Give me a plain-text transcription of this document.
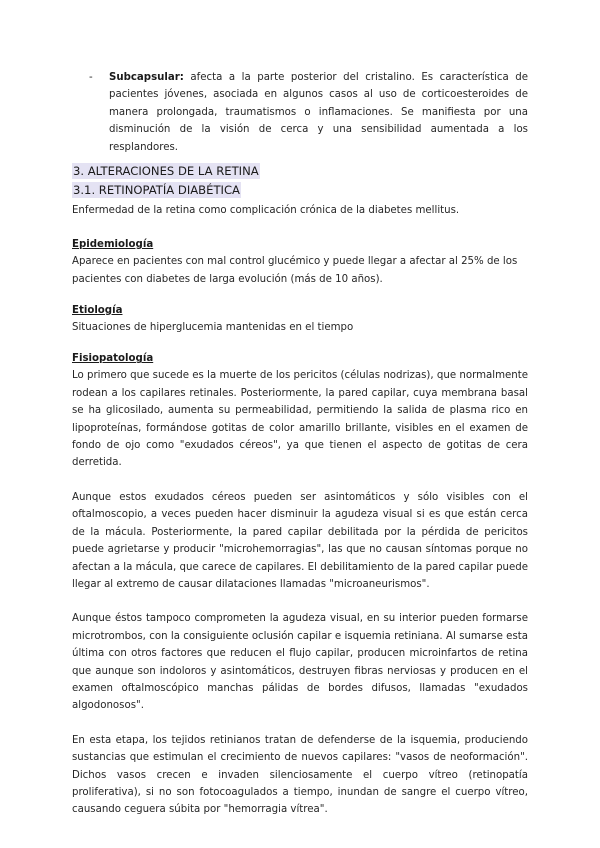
- Subcapsular: afecta a la parte posterior del cristalino. Es característica de pacientes jóvenes, asociada en algunos casos al uso de corticoesteroides de manera prolongada, traumatismos o inflamaciones. Se manifiesta por una disminución de la visión de cerca y una sensibilidad aumentada a los resplandores.
3. ALTERACIONES DE LA RETINA
3.1. RETINOPATÍA DIABÉTICA

Enfermedad de la retina como complicación crónica de la diabetes mellitus.

Epidemiología

Aparece en pacientes con mal control glucémico y puede llegar a afectar al 25% de los pacientes con diabetes de larga evolución (más de 10 años).

Etiología

Situaciones de hiperglucemia mantenidas en el tiempo

Fisiopatología

Lo primero que sucede es la muerte de los pericitos (células nodrizas), que normalmente rodean a los capilares retinales. Posteriormente, la pared capilar, cuya membrana basal se ha glicosilado, aumenta su permeabilidad, permitiendo la salida de plasma rico en lipoproteínas, formándose gotitas de color amarillo brillante, visibles en el examen de fondo de ojo como "exudados céreos", ya que tienen el aspecto de gotitas de cera derretida.

Aunque estos exudados céreos pueden ser asintomáticos y sólo visibles con el oftalmoscopio, a veces pueden hacer disminuir la agudeza visual si es que están cerca de la mácula. Posteriormente, la pared capilar debilitada por la pérdida de pericitos puede agrietarse y producir "microhemorragias", las que no causan síntomas porque no afectan a la mácula, que carece de capilares. El debilitamiento de la pared capilar puede llegar al extremo de causar dilataciones llamadas "microaneurismos".

Aunque éstos tampoco comprometen la agudeza visual, en su interior pueden formarse microtrombos, con la consiguiente oclusión capilar e isquemia retiniana. Al sumarse esta última con otros factores que reducen el flujo capilar, producen microinfartos de retina que aunque son indoloros y asintomáticos, destruyen fibras nerviosas y producen en el examen oftalmoscópico manchas pálidas de bordes difusos, llamadas "exudados algodonosos".

En esta etapa, los tejidos retinianos tratan de defenderse de la isquemia, produciendo sustancias que estimulan el crecimiento de nuevos capilares: "vasos de neoformación". Dichos vasos crecen e invaden silenciosamente el cuerpo vítreo (retinopatía proliferativa), si no son fotocoagulados a tiempo, inundan de sangre el cuerpo vítreo, causando ceguera súbita por "hemorragia vítrea".
